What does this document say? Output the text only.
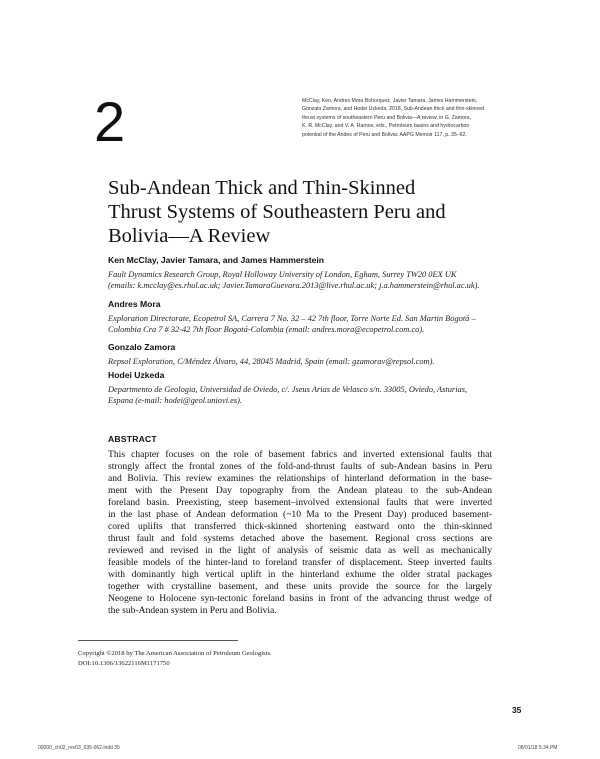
2	McClay, Ken, Andres Mora Bohorquez, Javier Tamara, James Hammerstein,
Gonzalo Zamora, and Hodei Uzkeda, 2018, Sub-Andean thick and thin-skinned
thrust systems of southeastern Peru and Bolivia—A review, in G. Zamora,
K. R. McClay, and V. A. Ramos, eds., Petroleum basins and hydrocarbon
potential of the Andes of Peru and Bolivia: AAPG Memoir 117, p. 35–62.
Sub-Andean Thick and Thin-Skinned
Thrust Systems of Southeastern Peru and
Bolivia—A Review
Ken McClay, Javier Tamara, and James Hammerstein
Fault Dynamics Research Group, Royal Holloway University of London, Egham, Surrey TW20 0EX UK
(emails: k.mcclay@es.rhul.ac.uk; Javier.TamaraGuevara.2013@live.rhul.ac.uk; j.a.hammerstein@rhul.ac.uk).
Andres Mora
Exploration Directorate, Ecopetrol SA, Carrera 7 No. 32 – 42 7th floor, Torre Norte Ed. San Martin Bogotá –
Colombia Cra 7 # 32-42 7th floor Bogotá-Colombia (email: andres.mora@ecopetrol.com.co).
Gonzalo Zamora
Repsol Exploration, C/Méndez Álvaro, 44, 28045 Madrid, Spain (email: gzamorav@repsol.com).
Hodei Uzkeda
Departmento de Geologia, Universidad de Oviedo, c/. Jseus Arias de Velasco s/n. 33005, Oviedo, Asturias,
Espana (e-mail: hodei@geol.uniovi.es).
ABSTRACT
This chapter focuses on the role of basement fabrics and inverted extensional faults that
strongly affect the frontal zones of the fold-and-thrust faults of sub-Andean basins in Peru
and Bolivia. This review examines the relationships of hinterland deformation in the base-
ment with the Present Day topography from the Andean plateau to the sub-Andean
foreland basin. Preexisting, steep basement–involved extensional faults that were inverted
in the last phase of Andean deformation (~10 Ma to the Present Day) produced basement-
cored uplifts that transferred thick-skinned shortening eastward onto the thin-skinned
thrust fault and fold systems detached above the basement. Regional cross sections are
reviewed and revised in the light of analysis of seismic data as well as mechanically
feasible models of the hinter-land to foreland transfer of displacement. Steep inverted faults
with dominantly high vertical uplift in the hinterland exhume the older stratal packages
together with crystalline basement, and these units provide the source for the largely
Neogene to Holocene syn-tectonic foreland basins in front of the advancing thrust wedge of
the sub-Andean system in Peru and Bolivia.
Copyright ©2018 by The American Association of Petroleum Geologists.
DOI:10.1306/13622116M1171750
35
00000_ch02_rev03_035-062.indd 35	08/01/18 5:34 PM
